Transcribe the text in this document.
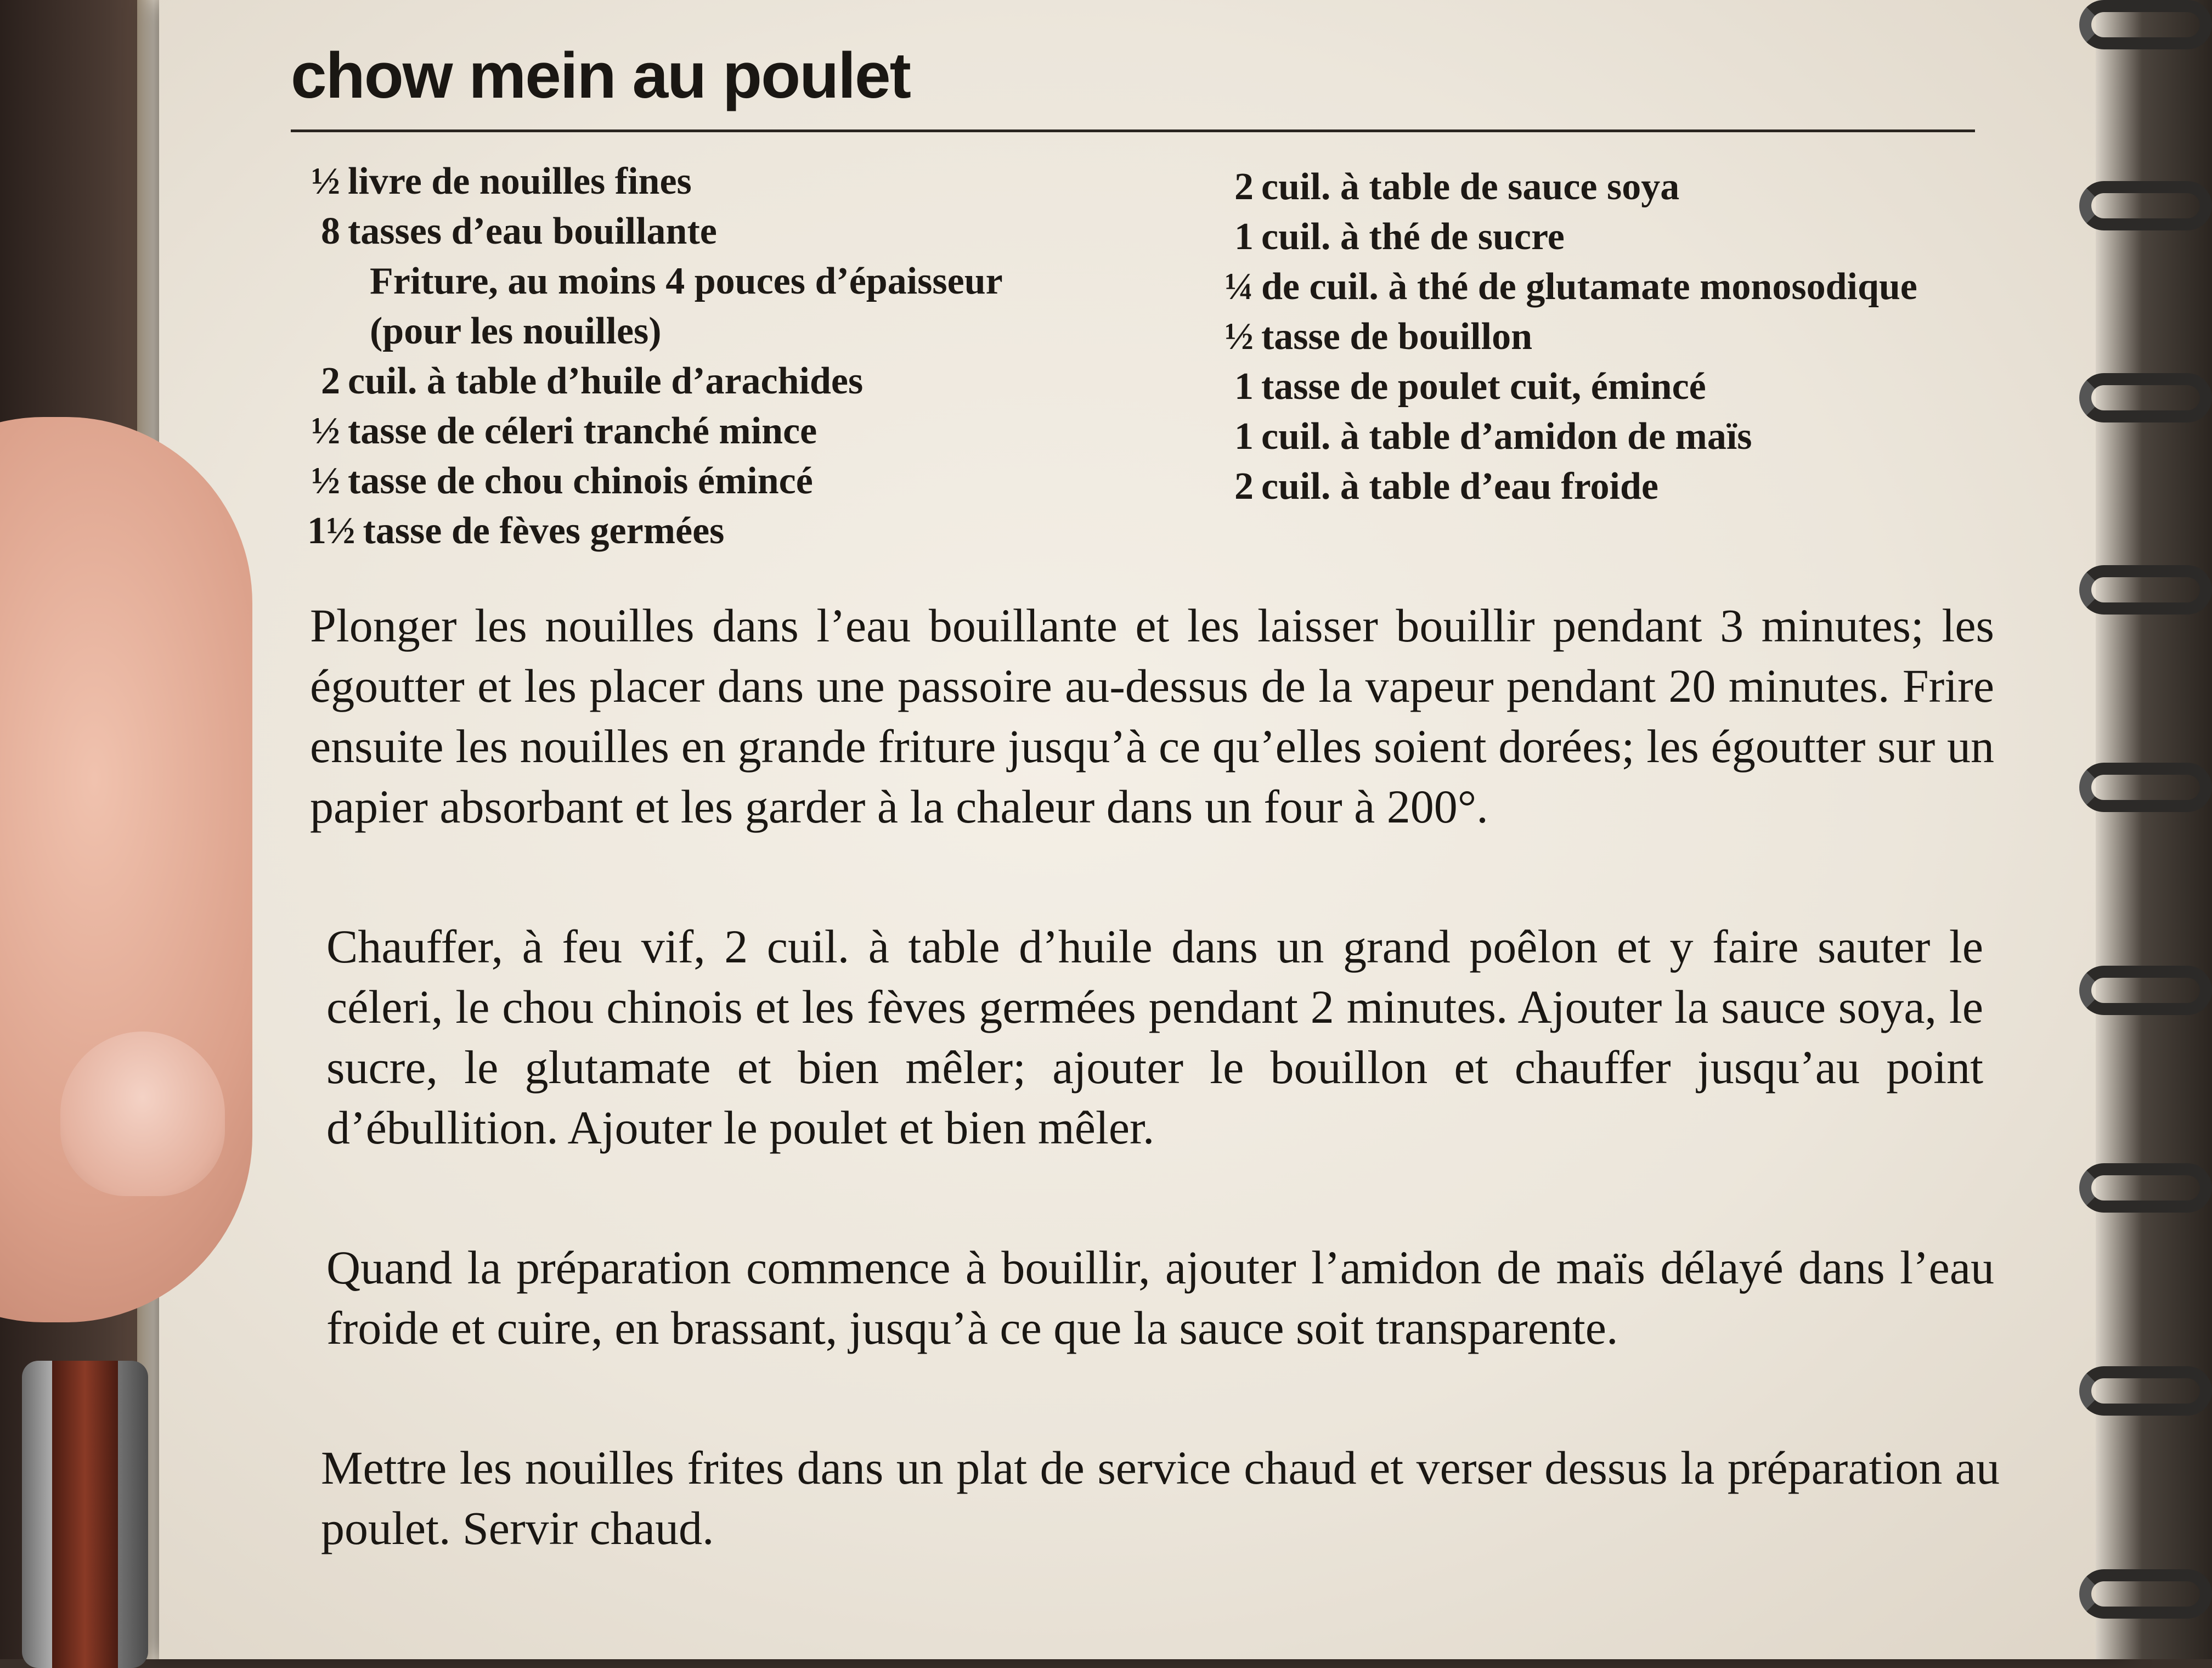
chow mein au poulet
½ livre de nouilles fines
8 tasses d’eau bouillante
Friture, au moins 4 pouces d’épaisseur
(pour les nouilles)
2 cuil. à table d’huile d’arachides
½ tasse de céleri tranché mince
½ tasse de chou chinois émincé
1½ tasse de fèves germées
2 cuil. à table de sauce soya
1 cuil. à thé de sucre
¼ de cuil. à thé de glutamate monosodique
½ tasse de bouillon
1 tasse de poulet cuit, émincé
1 cuil. à table d’amidon de maïs
2 cuil. à table d’eau froide

Plonger les nouilles dans l’eau bouillante et les laisser bouillir pendant 3 minutes; les égoutter et les placer dans une passoire au-dessus de la vapeur pendant 20 minutes. Frire ensuite les nouilles en grande friture jusqu’à ce qu’elles soient dorées; les égoutter sur un papier absorbant et les garder à la chaleur dans un four à 200°.

Chauffer, à feu vif, 2 cuil. à table d’huile dans un grand poêlon et y faire sauter le céleri, le chou chinois et les fèves germées pendant 2 minutes. Ajouter la sauce soya, le sucre, le glutamate et bien mêler; ajouter le bouillon et chauffer jusqu’au point d’ébullition. Ajouter le poulet et bien mêler.

Quand la préparation commence à bouillir, ajouter l’amidon de maïs délayé dans l’eau froide et cuire, en brassant, jusqu’à ce que la sauce soit transparente.

Mettre les nouilles frites dans un plat de service chaud et verser dessus la préparation au poulet. Servir chaud.
